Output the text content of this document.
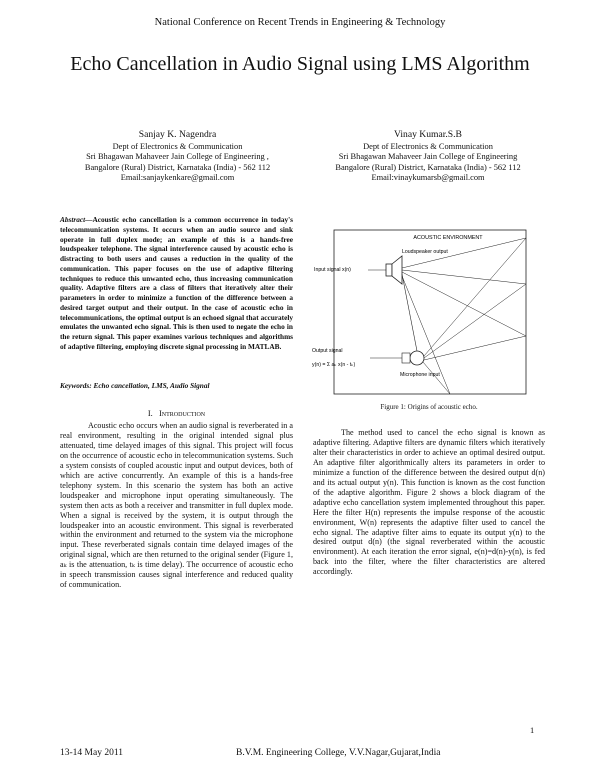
National Conference on Recent Trends in Engineering & Technology
Echo Cancellation in Audio Signal using LMS Algorithm
Sanjay K. Nagendra
Dept of Electronics & Communication
Sri Bhagawan Mahaveer Jain College of Engineering ,
Bangalore (Rural) District, Karnataka (India) - 562 112
Email:sanjaykenkare@gmail.com
Vinay Kumar.S.B
Dept of Electronics & Communication
Sri Bhagawan Mahaveer Jain College of Engineering
Bangalore (Rural) District, Karnataka (India) - 562 112
Email:vinaykumarsb@gmail.com
Abstract—Acoustic echo cancellation is a common occurrence in today's telecommunication systems. It occurs when an audio source and sink operate in full duplex mode; an example of this is a hands-free loudspeaker telephone. The signal interference caused by acoustic echo is distracting to both users and causes a reduction in the quality of the communication. This paper focuses on the use of adaptive filtering techniques to reduce this unwanted echo, thus increasing communication quality. Adaptive filters are a class of filters that iteratively alter their parameters in order to minimize a function of the difference between a desired target output and their output. In the case of acoustic echo in telecommunications, the optimal output is an echoed signal that accurately emulates the unwanted echo signal. This is then used to negate the echo in the return signal. This paper examines various techniques and algorithms of adaptive filtering, employing discrete signal processing in MATLAB.
Keywords: Echo cancellation, LMS, Audio Signal
I. Introduction

Acoustic echo occurs when an audio signal is reverberated in a real environment, resulting in the original intended signal plus attenuated, time delayed images of this signal. This project will focus on the occurrence of acoustic echo in telecommunication systems. Such a system consists of coupled acoustic input and output devices, both of which are active concurrently. An example of this is a hands-free telephony system. In this scenario the system has both an active loudspeaker and microphone input operating simultaneously. The system then acts as both a receiver and transmitter in full duplex mode. When a signal is received by the system, it is output through the loudspeaker into an acoustic environment. This signal is reverberated within the environment and returned to the system via the microphone input. These reverberated signals contain time delayed images of the original signal, which are then returned to the original sender (Figure 1, aₖ is the attenuation, tₖ is time delay). The occurrence of acoustic echo in speech transmission causes signal interference and reduced quality of communication.

ACOUSTIC ENVIRONMENT
Loudspeaker output
Input signal x(n)
Microphone input
Output signal
y(n) = Σ aₖ x(n - tₖ)
Figure 1: Origins of acoustic echo.

The method used to cancel the echo signal is known as adaptive filtering. Adaptive filters are dynamic filters which iteratively alter their characteristics in order to achieve an optimal desired output. An adaptive filter algorithmically alters its parameters in order to minimize a function of the difference between the desired output d(n) and its actual output y(n). This function is known as the cost function of the adaptive algorithm. Figure 2 shows a block diagram of the adaptive echo cancellation system implemented throughout this paper. Here the filter H(n) represents the impulse response of the acoustic environment, W(n) represents the adaptive filter used to cancel the echo signal. The adaptive filter aims to equate its output y(n) to the desired output d(n) (the signal reverberated within the acoustic environment). At each iteration the error signal, e(n)=d(n)-y(n), is fed back into the filter, where the filter characteristics are altered accordingly.

1
13-14 May 2011	B.V.M. Engineering College, V.V.Nagar,Gujarat,India
